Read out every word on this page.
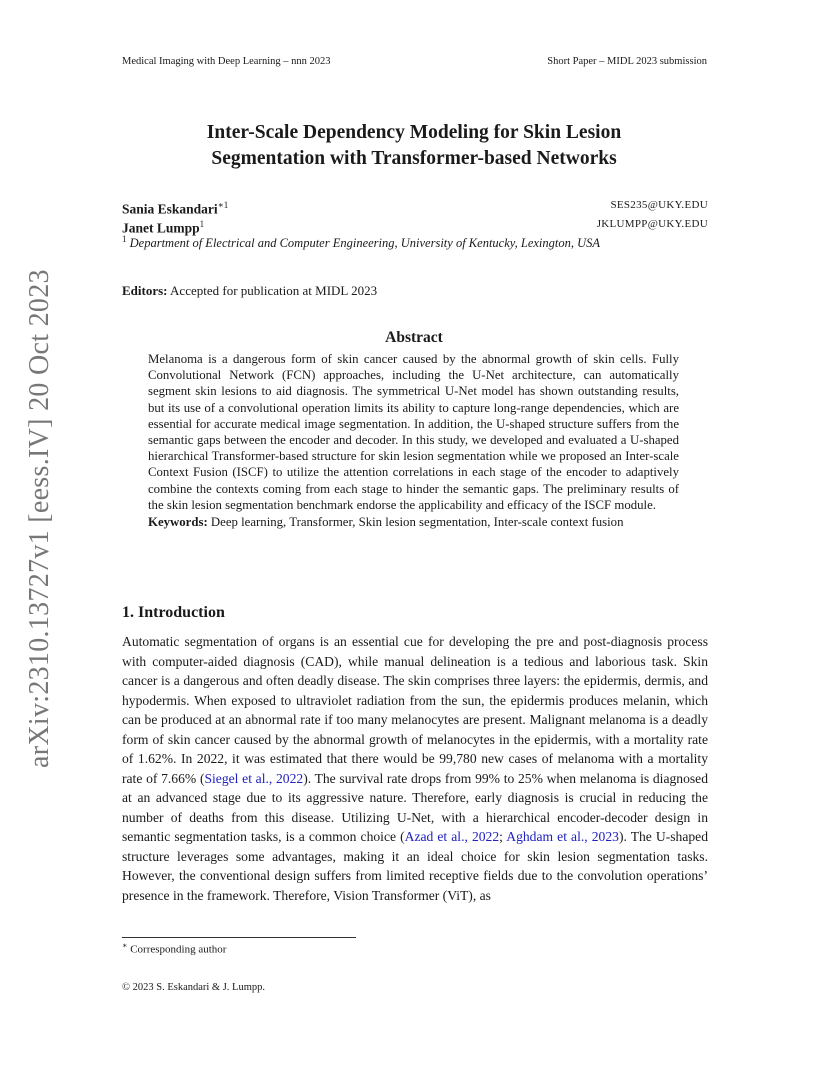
Medical Imaging with Deep Learning – nnn 2023	Short Paper – MIDL 2023 submission
arXiv:2310.13727v1 [eess.IV] 20 Oct 2023
Inter-Scale Dependency Modeling for Skin Lesion
Segmentation with Transformer-based Networks
Sania Eskandari$^{∗1}$	SES235@UKY.EDU
Janet Lumpp$^1$	JKLUMPP@UKY.EDU
$^1$ Department of Electrical and Computer Engineering, University of Kentucky, Lexington, USA
Editors: Accepted for publication at MIDL 2023
Abstract

Melanoma is a dangerous form of skin cancer caused by the abnormal growth of skin cells. Fully Convolutional Network (FCN) approaches, including the U-Net architecture, can automatically segment skin lesions to aid diagnosis. The symmetrical U-Net model has shown outstanding results, but its use of a convolutional operation limits its ability to capture long-range dependencies, which are essential for accurate medical image segmentation. In addition, the U-shaped structure suffers from the semantic gaps between the encoder and decoder. In this study, we developed and evaluated a U-shaped hierarchical Transformer-based structure for skin lesion segmentation while we proposed an Inter-scale Context Fusion (ISCF) to utilize the attention correlations in each stage of the encoder to adaptively combine the contexts coming from each stage to hinder the semantic gaps. The preliminary results of the skin lesion segmentation benchmark endorse the applicability and efficacy of the ISCF module.

Keywords: Deep learning, Transformer, Skin lesion segmentation, Inter-scale context fusion

1. Introduction

Automatic segmentation of organs is an essential cue for developing the pre and post-diagnosis process with computer-aided diagnosis (CAD), while manual delineation is a tedious and laborious task. Skin cancer is a dangerous and often deadly disease. The skin comprises three layers: the epidermis, dermis, and hypodermis. When exposed to ultraviolet radiation from the sun, the epidermis produces melanin, which can be produced at an abnormal rate if too many melanocytes are present. Malignant melanoma is a deadly form of skin cancer caused by the abnormal growth of melanocytes in the epidermis, with a mortality rate of 1.62%. In 2022, it was estimated that there would be 99,780 new cases of melanoma with a mortality rate of 7.66% (Siegel et al., 2022). The survival rate drops from 99% to 25% when melanoma is diagnosed at an advanced stage due to its aggressive nature. Therefore, early diagnosis is crucial in reducing the number of deaths from this disease. Utilizing U-Net, with a hierarchical encoder-decoder design in semantic segmentation tasks, is a common choice (Azad et al., 2022; Aghdam et al., 2023). The U-shaped structure leverages some advantages, making it an ideal choice for skin lesion segmentation tasks. However, the conventional design suffers from limited receptive fields due to the convolution operations’ presence in the framework. Therefore, Vision Transformer (ViT), as

∗ Corresponding author
© 2023 S. Eskandari & J. Lumpp.
